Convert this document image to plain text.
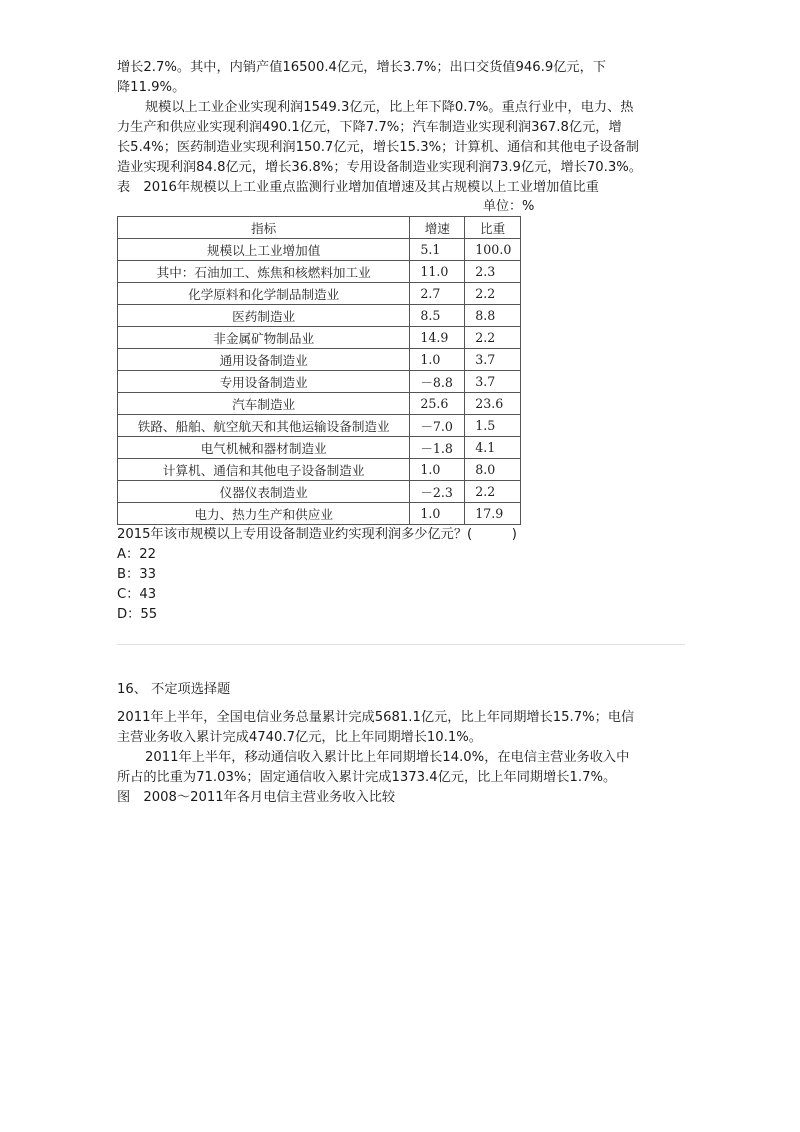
增长2.7%。其中，内销产值16500.4亿元，增长3.7%；出口交货值946.9亿元，下

降11.9%。

规模以上工业企业实现利润1549.3亿元，比上年下降0.7%。重点行业中，电力、热

力生产和供应业实现利润490.1亿元，下降7.7%；汽车制造业实现利润367.8亿元，增

长5.4%；医药制造业实现利润150.7亿元，增长15.3%；计算机、通信和其他电子设备制

造业实现利润84.8亿元，增长36.8%；专用设备制造业实现利润73.9亿元，增长70.3%。

表　2016年规模以上工业重点监测行业增加值增速及其占规模以上工业增加值比重

单位：%

指标	增速	比重
规模以上工业增加值	5.1	100.0
其中：石油加工、炼焦和核燃料加工业	11.0	2.3
化学原料和化学制品制造业	2.7	2.2
医药制造业	8.5	8.8
非金属矿物制品业	14.9	2.2
通用设备制造业	1.0	3.7
专用设备制造业	－8.8	3.7
汽车制造业	25.6	23.6
铁路、船舶、航空航天和其他运输设备制造业	－7.0	1.5
电气机械和器材制造业	－1.8	4.1
计算机、通信和其他电子设备制造业	1.0	8.0
仪器仪表制造业	－2.3	2.2
电力、热力生产和供应业	1.0	17.9

2015年该市规模以上专用设备制造业约实现利润多少亿元？(　　　)

A：22

B：33

C：43

D：55

16、 不定项选择题

2011年上半年，全国电信业务总量累计完成5681.1亿元，比上年同期增长15.7%；电信

主营业务收入累计完成4740.7亿元，比上年同期增长10.1%。

2011年上半年，移动通信收入累计比上年同期增长14.0%，在电信主营业务收入中

所占的比重为71.03%；固定通信收入累计完成1373.4亿元，比上年同期增长1.7%。

图　2008～2011年各月电信主营业务收入比较
